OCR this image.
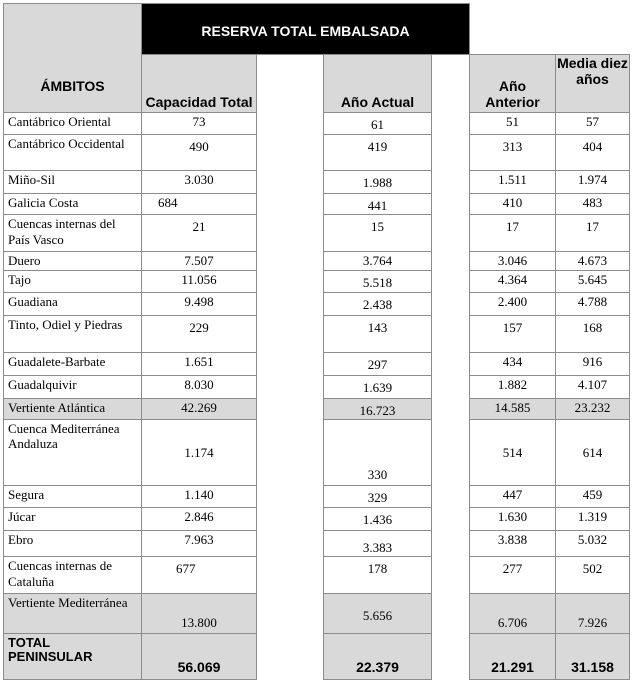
ÁMBITOS	RESERVA TOTAL EMBALSADA					
	Capacidad Total		Año Actual		Año Anterior	Media diez años
Cantábrico Oriental	73		61		51	57
Cantábrico Occidental	490		419		313	404
Miño-Sil	3.030		1.988		1.511	1.974
Galicia Costa	684		441		410	483
Cuencas internas del País Vasco	21		15		17	17
Duero	7.507		3.764		3.046	4.673
Tajo	11.056		5.518		4.364	5.645
Guadiana	9.498		2.438		2.400	4.788
Tinto, Odiel y Piedras	229		143		157	168
Guadalete-Barbate	1.651		297		434	916
Guadalquivir	8.030		1.639		1.882	4.107
Vertiente Atlántica	42.269		16.723		14.585	23.232
Cuenca Mediterránea Andaluza	1.174		330		514	614
Segura	1.140		329		447	459
Júcar	2.846		1.436		1.630	1.319
Ebro	7.963		3.383		3.838	5.032
Cuencas internas de Cataluña	677		178		277	502
Vertiente Mediterránea	13.800		5.656		6.706	7.926
TOTAL PENINSULAR	56.069		22.379		21.291	31.158
